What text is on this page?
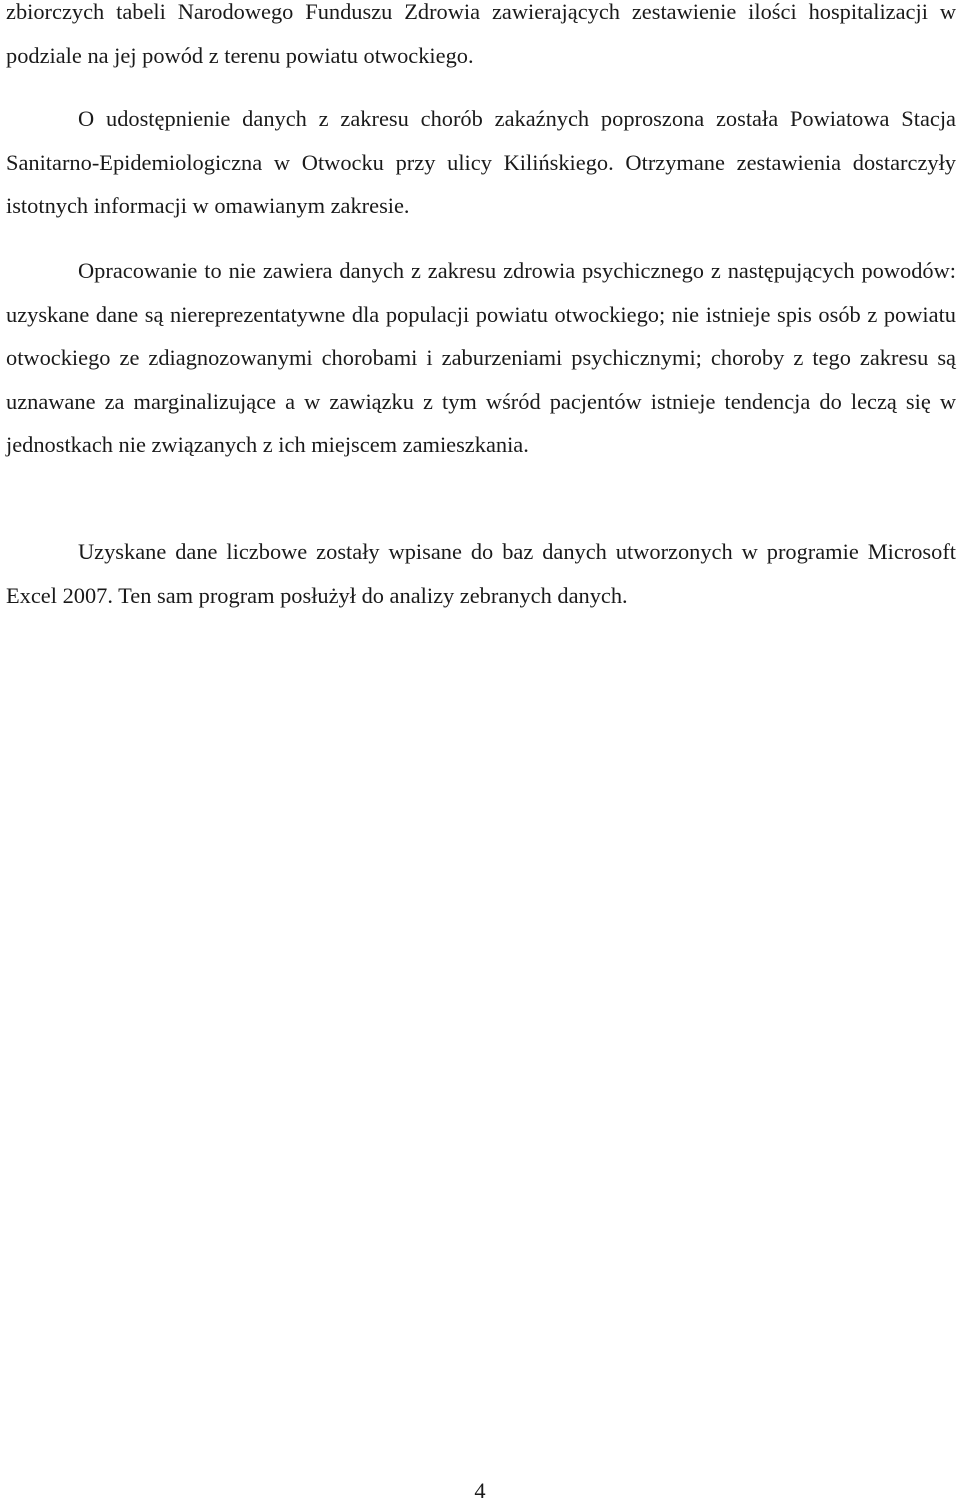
zbiorczych tabeli Narodowego Funduszu Zdrowia zawierających zestawienie ilości hospitalizacji w podziale na jej powód z terenu powiatu otwockiego.

O udostępnienie danych z zakresu chorób zakaźnych poproszona została Powiatowa Stacja Sanitarno-Epidemiologiczna w Otwocku przy ulicy Kilińskiego. Otrzymane zestawienia dostarczyły istotnych informacji w omawianym zakresie.

Opracowanie to nie zawiera danych z zakresu zdrowia psychicznego z następujących powodów: uzyskane dane są niereprezentatywne dla populacji powiatu otwockiego; nie istnieje spis osób z powiatu otwockiego ze zdiagnozowanymi chorobami i zaburzeniami psychicznymi; choroby z tego zakresu są uznawane za marginalizujące a w zawiązku z tym wśród pacjentów istnieje tendencja do leczą się w jednostkach nie związanych z ich miejscem zamieszkania.

Uzyskane dane liczbowe zostały wpisane do baz danych utworzonych w programie Microsoft Excel 2007. Ten sam program posłużył do analizy zebranych danych.

4
